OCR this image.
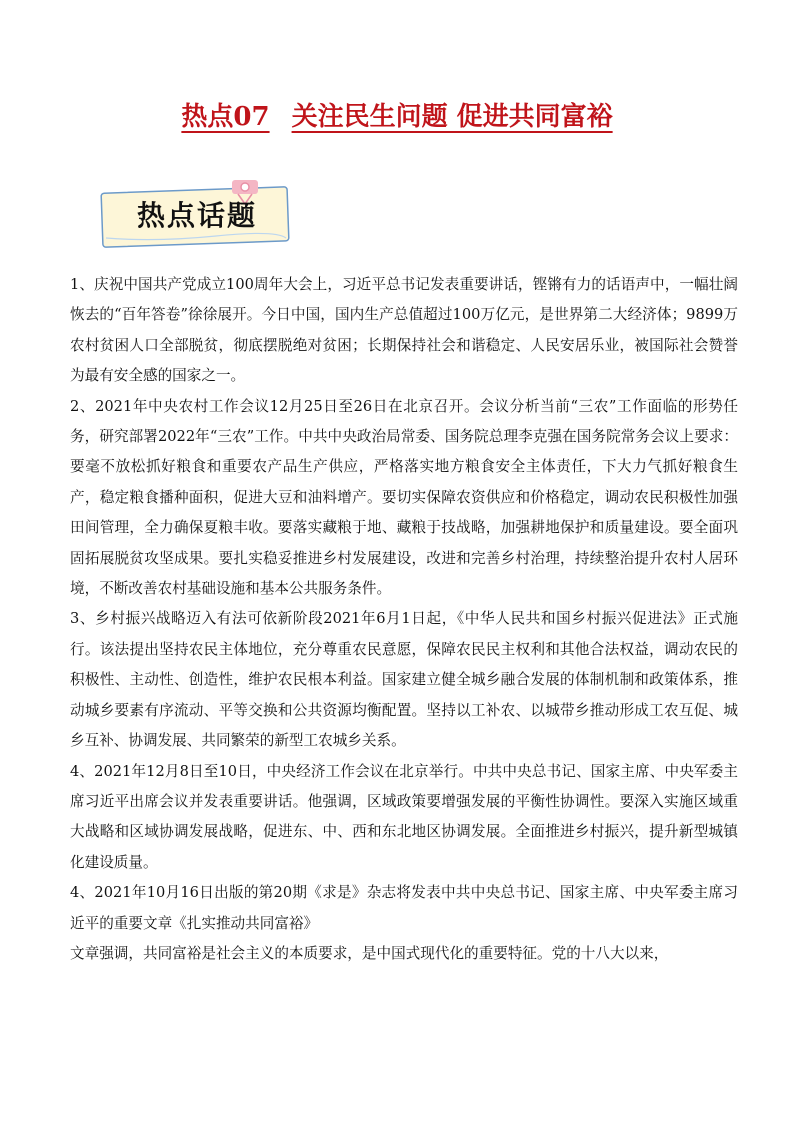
热点07 关注民生问题 促进共同富裕
热点话题

1、庆祝中国共产党成立100周年大会上，习近平总书记发表重要讲话，铿锵有力的话语声中，一幅壮阔恢去的“百年答卷”徐徐展开。今日中国，国内生产总值超过100万亿元，是世界第二大经济体；9899万农村贫困人口全部脱贫，彻底摆脱绝对贫困；长期保持社会和谐稳定、人民安居乐业，被国际社会赞誉为最有安全感的国家之一。

2、2021年中央农村工作会议12月25日至26日在北京召开。会议分析当前“三农”工作面临的形势任务，研究部署2022年“三农”工作。中共中央政治局常委、国务院总理李克强在国务院常务会议上要求：要毫不放松抓好粮食和重要农产品生产供应，严格落实地方粮食安全主体责任，下大力气抓好粮食生产，稳定粮食播种面积，促进大豆和油料增产。要切实保障农资供应和价格稳定，调动农民积极性加强田间管理，全力确保夏粮丰收。要落实藏粮于地、藏粮于技战略，加强耕地保护和质量建设。要全面巩固拓展脱贫攻坚成果。要扎实稳妥推进乡村发展建设，改进和完善乡村治理，持续整治提升农村人居环境，不断改善农村基础设施和基本公共服务条件。

3、乡村振兴战略迈入有法可依新阶段2021年6月1日起，《中华人民共和国乡村振兴促进法》正式施行。该法提出坚持农民主体地位，充分尊重农民意愿，保障农民民主权利和其他合法权益，调动农民的积极性、主动性、创造性，维护农民根本利益。国家建立健全城乡融合发展的体制机制和政策体系，推动城乡要素有序流动、平等交换和公共资源均衡配置。坚持以工补农、以城带乡推动形成工农互促、城乡互补、协调发展、共同繁荣的新型工农城乡关系。

4、2021年12月8日至10日，中央经济工作会议在北京举行。中共中央总书记、国家主席、中央军委主席习近平出席会议并发表重要讲话。他强调，区域政策要增强发展的平衡性协调性。要深入实施区域重大战略和区域协调发展战略，促进东、中、西和东北地区协调发展。全面推进乡村振兴，提升新型城镇化建设质量。

4、2021年10月16日出版的第20期《求是》杂志将发表中共中央总书记、国家主席、中央军委主席习近平的重要文章《扎实推动共同富裕》

文章强调，共同富裕是社会主义的本质要求，是中国式现代化的重要特征。党的十八大以来，
